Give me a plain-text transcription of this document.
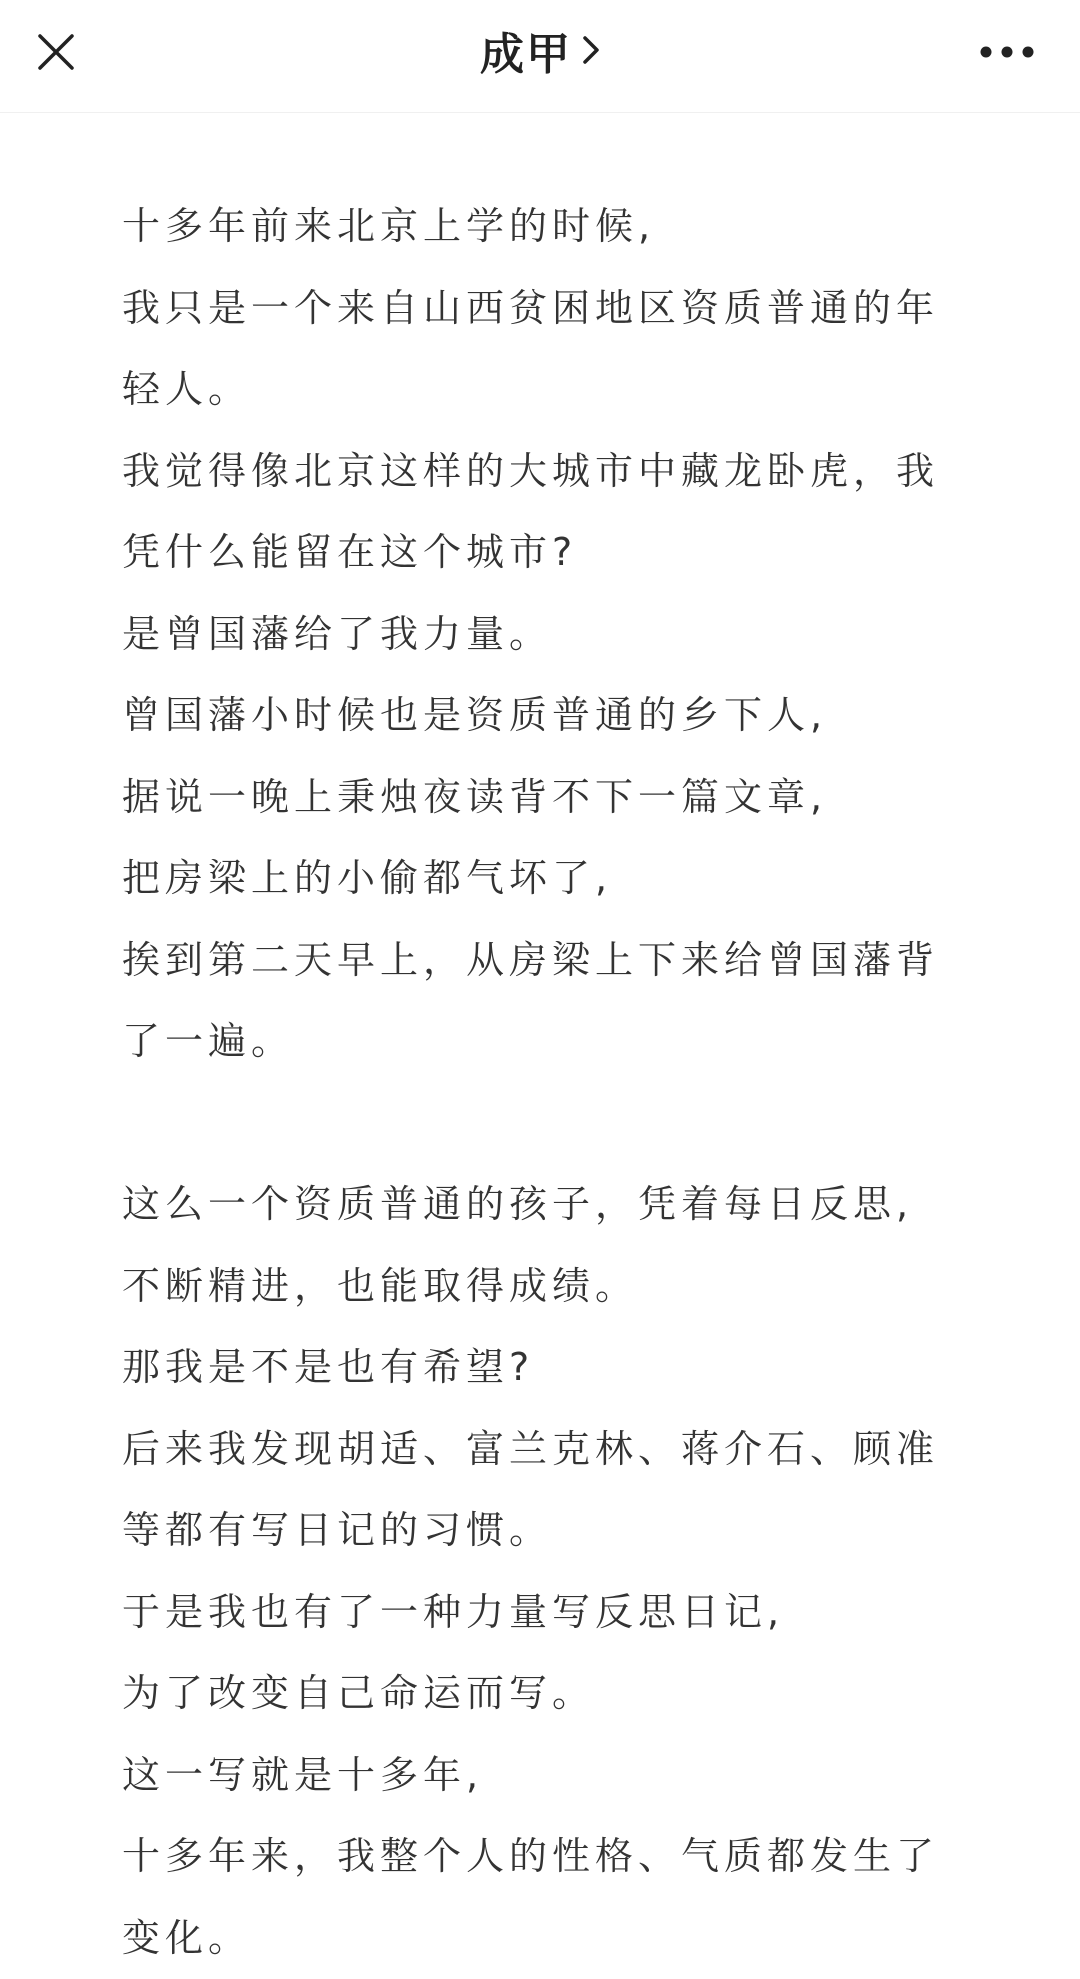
成甲
十多年前来北京上学的时候,
我只是一个来自山西贫困地区资质普通的年
轻人。
我觉得像北京这样的大城市中藏龙卧虎，我
凭什么能留在这个城市?
是曾国藩给了我力量。
曾国藩小时候也是资质普通的乡下人,
据说一晚上秉烛夜读背不下一篇文章,
把房梁上的小偷都气坏了,
挨到第二天早上，从房梁上下来给曾国藩背
了一遍。
这么一个资质普通的孩子，凭着每日反思,
不断精进，也能取得成绩。
那我是不是也有希望?
后来我发现胡适、富兰克林、蒋介石、顾准
等都有写日记的习惯。
于是我也有了一种力量写反思日记,
为了改变自己命运而写。
这一写就是十多年,
十多年来，我整个人的性格、气质都发生了
变化。
